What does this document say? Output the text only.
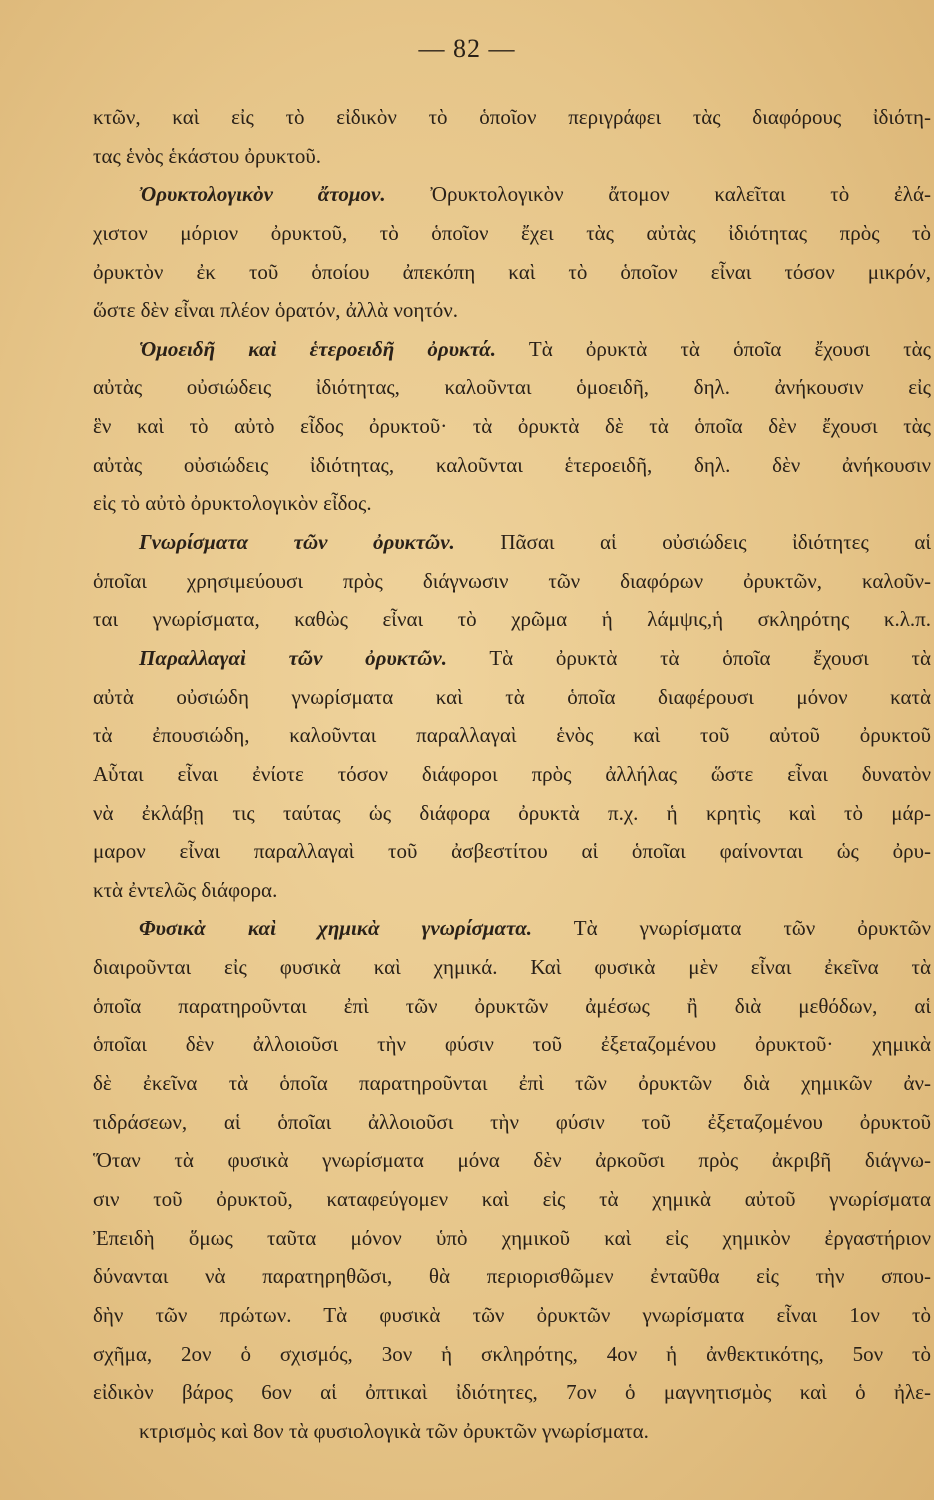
— 82 —
κτῶν, καὶ εἰς τὸ εἰδικὸν τὸ ὁποῖον περιγράφει τὰς διαφόρους ἰδιότη-
τας ἑνὸς ἑκάστου ὀρυκτοῦ.
Ὀρυκτολογικὸν ἄτομον. Ὀρυκτολογικὸν ἄτομον καλεῖται τὸ ἐλά-
χιστον μόριον ὀρυκτοῦ, τὸ ὁποῖον ἔχει τὰς αὐτὰς ἰδιότητας πρὸς τὸ
ὀρυκτὸν ἐκ τοῦ ὁποίου ἀπεκόπη καὶ τὸ ὁποῖον εἶναι τόσον μικρόν,
ὥστε δὲν εἶναι πλέον ὁρατόν, ἀλλὰ νοητόν.
Ὁμοειδῆ καὶ ἑτεροειδῆ ὀρυκτά. Τὰ ὀρυκτὰ τὰ ὁποῖα ἔχουσι τὰς
αὐτὰς οὐσιώδεις ἰδιότητας, καλοῦνται ὁμοειδῆ, δηλ. ἀνήκουσιν εἰς
ἓν καὶ τὸ αὐτὸ εἶδος ὀρυκτοῦ· τὰ ὀρυκτὰ δὲ τὰ ὁποῖα δὲν ἔχουσι τὰς
αὐτὰς οὐσιώδεις ἰδιότητας, καλοῦνται ἑτεροειδῆ, δηλ. δὲν ἀνήκουσιν
εἰς τὸ αὐτὸ ὀρυκτολογικὸν εἶδος.
Γνωρίσματα τῶν ὀρυκτῶν. Πᾶσαι αἱ οὐσιώδεις ἰδιότητες αἱ
ὁποῖαι χρησιμεύουσι πρὸς διάγνωσιν τῶν διαφόρων ὀρυκτῶν, καλοῦν-
ται γνωρίσματα, καθὼς εἶναι τὸ χρῶμα ἡ λάμψις,ἡ σκληρότης κ.λ.π.
Παραλλαγαὶ τῶν ὀρυκτῶν. Τὰ ὀρυκτὰ τὰ ὁποῖα ἔχουσι τὰ
αὐτὰ οὐσιώδη γνωρίσματα καὶ τὰ ὁποῖα διαφέρουσι μόνον κατὰ
τὰ ἐπουσιώδη, καλοῦνται παραλλαγαὶ ἑνὸς καὶ τοῦ αὐτοῦ ὀρυκτοῦ
Αὗται εἶναι ἐνίοτε τόσον διάφοροι πρὸς ἀλλήλας ὥστε εἶναι δυνατὸν
νὰ ἐκλάβῃ τις ταύτας ὡς διάφορα ὀρυκτὰ π.χ. ἡ κρητὶς καὶ τὸ μάρ-
μαρον εἶναι παραλλαγαὶ τοῦ ἀσβεστίτου αἱ ὁποῖαι φαίνονται ὡς ὀρυ-
κτὰ ἐντελῶς διάφορα.
Φυσικὰ καὶ χημικὰ γνωρίσματα. Τὰ γνωρίσματα τῶν ὀρυκτῶν
διαιροῦνται εἰς φυσικὰ καὶ χημικά. Καὶ φυσικὰ μὲν εἶναι ἐκεῖνα τὰ
ὁποῖα παρατηροῦνται ἐπὶ τῶν ὀρυκτῶν ἀμέσως ἢ διὰ μεθόδων, αἱ
ὁποῖαι δὲν ἀλλοιοῦσι τὴν φύσιν τοῦ ἐξεταζομένου ὀρυκτοῦ· χημικὰ
δὲ ἐκεῖνα τὰ ὁποῖα παρατηροῦνται ἐπὶ τῶν ὀρυκτῶν διὰ χημικῶν ἀν-
τιδράσεων, αἱ ὁποῖαι ἀλλοιοῦσι τὴν φύσιν τοῦ ἐξεταζομένου ὀρυκτοῦ
Ὅταν τὰ φυσικὰ γνωρίσματα μόνα δὲν ἀρκοῦσι πρὸς ἀκριβῆ διάγνω-
σιν τοῦ ὀρυκτοῦ, καταφεύγομεν καὶ εἰς τὰ χημικὰ αὐτοῦ γνωρίσματα
Ἐπειδὴ ὅμως ταῦτα μόνον ὑπὸ χημικοῦ καὶ εἰς χημικὸν ἐργαστήριον
δύνανται νὰ παρατηρηθῶσι, θὰ περιορισθῶμεν ἐνταῦθα εἰς τὴν σπου-
δὴν τῶν πρώτων. Τὰ φυσικὰ τῶν ὀρυκτῶν γνωρίσματα εἶναι 1ον τὸ
σχῆμα, 2ον ὁ σχισμός, 3ον ἡ σκληρότης, 4ον ἡ ἀνθεκτικότης, 5ον τὸ
εἰδικὸν βάρος 6ον αἱ ὀπτικαὶ ἰδιότητες, 7ον ὁ μαγνητισμὸς καὶ ὁ ἠλε-
κτρισμὸς καὶ 8ον τὰ φυσιολογικὰ τῶν ὀρυκτῶν γνωρίσματα.
